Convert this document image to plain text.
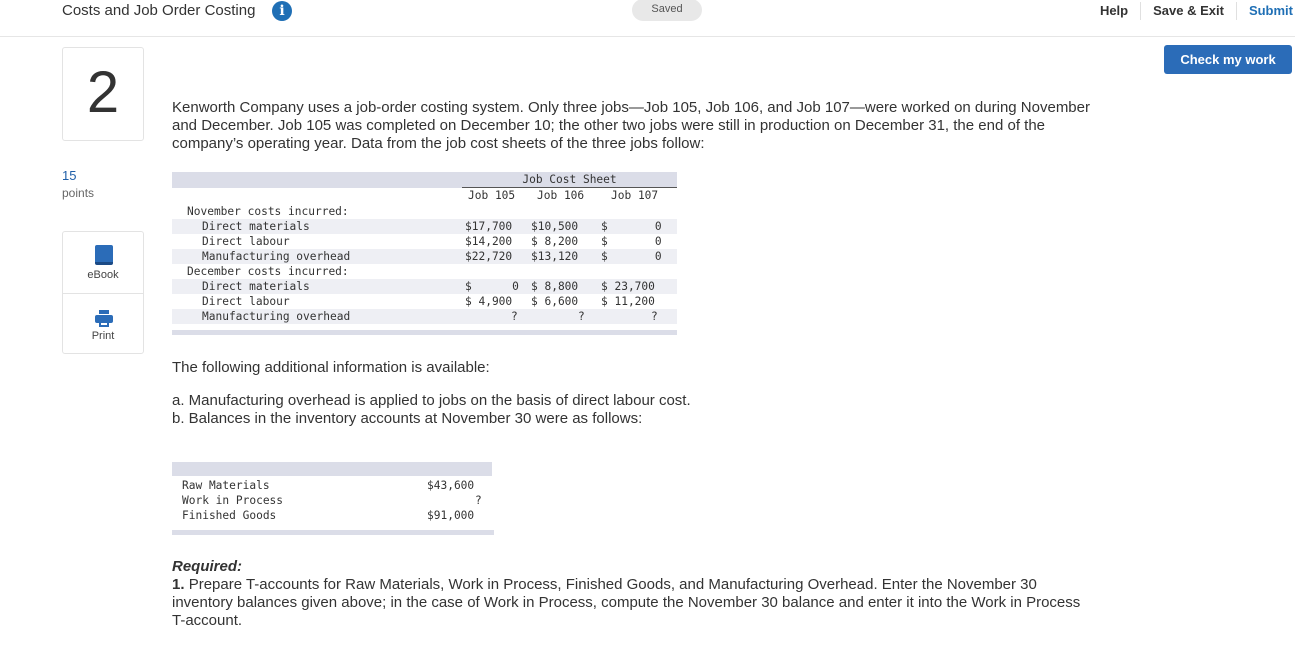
Costs and Job Order Costing	i	Saved	Help	Save & Exit	Submit
Check my work
2
15
points
eBook
Print
Kenworth Company uses a job-order costing system. Only three jobs—Job 105, Job 106, and Job 107—were worked on during November and December. Job 105 was completed on December 10; the other two jobs were still in production on December 31, the end of the company’s operating year. Data from the job cost sheets of the three jobs follow:
Job Cost Sheet
Job 105 Job 106 Job 107
November costs incurred:
Direct materials	$17,700 $10,500 $       0
Direct labour	$14,200 $ 8,200 $       0
Manufacturing overhead	$22,720 $13,120 $       0
December costs incurred:
Direct materials	$      0 $ 8,800 $ 23,700
Direct labour	$ 4,900 $ 6,600 $ 11,200
Manufacturing overhead	?	?	?
The following additional information is available:
a. Manufacturing overhead is applied to jobs on the basis of direct labour cost.
b. Balances in the inventory accounts at November 30 were as follows:
Raw Materials	$43,600
Work in Process	?
Finished Goods	$91,000
Required:
1. Prepare T-accounts for Raw Materials, Work in Process, Finished Goods, and Manufacturing Overhead. Enter the November 30 inventory balances given above; in the case of Work in Process, compute the November 30 balance and enter it into the Work in Process T-account.
